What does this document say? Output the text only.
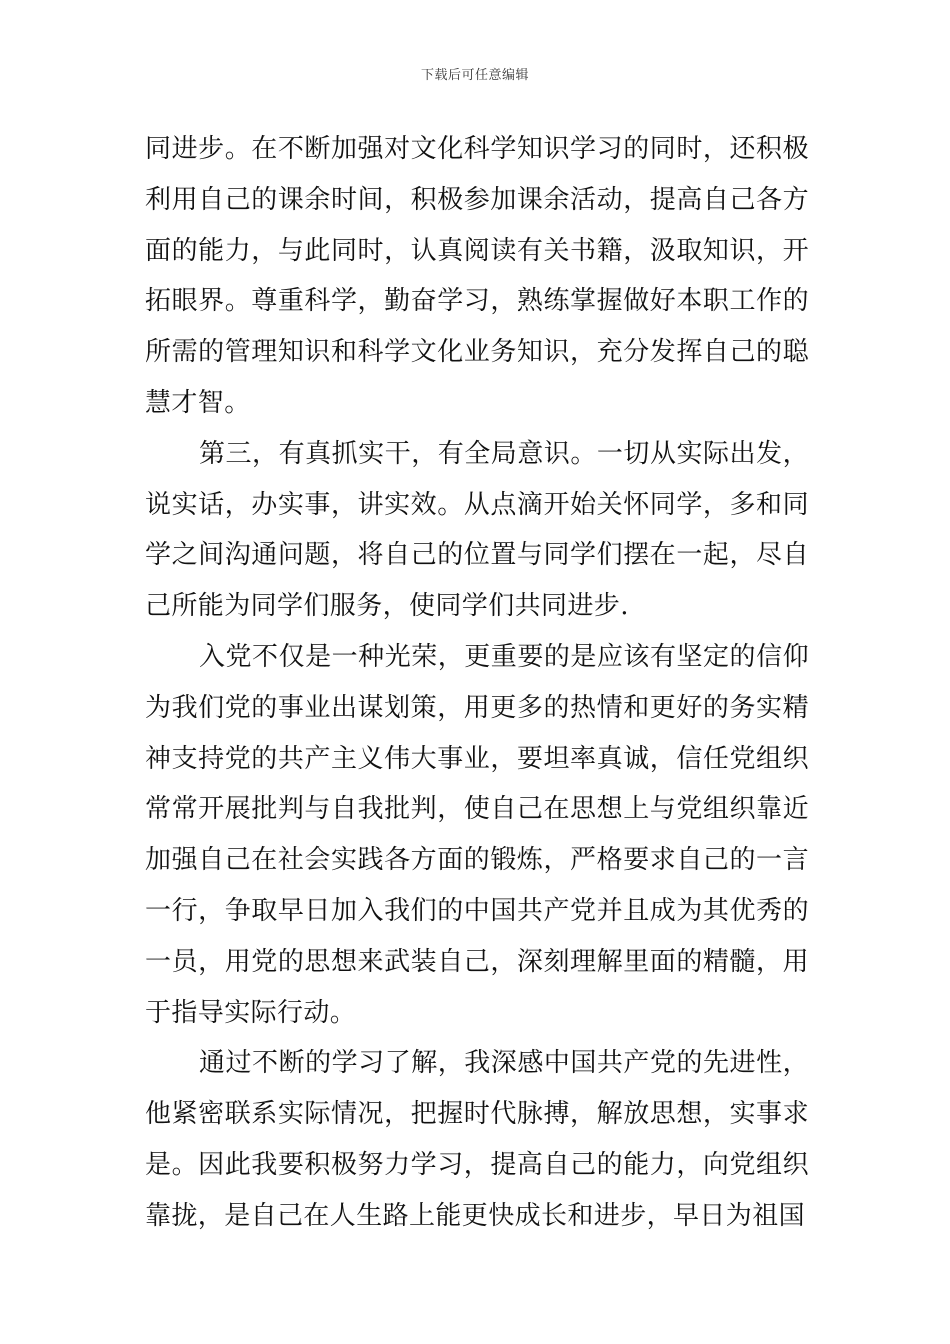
下载后可任意编辑

同进步。在不断加强对文化科学知识学习的同时，还积极利用自己的课余时间，积极参加课余活动，提高自己各方面的能力，与此同时，认真阅读有关书籍，汲取知识，开拓眼界。尊重科学，勤奋学习，熟练掌握做好本职工作的所需的管理知识和科学文化业务知识，充分发挥自己的聪慧才智。

第三，有真抓实干，有全局意识。一切从实际出发，说实话，办实事，讲实效。从点滴开始关怀同学，多和同学之间沟通问题，将自己的位置与同学们摆在一起，尽自己所能为同学们服务，使同学们共同进步.

入党不仅是一种光荣，更重要的是应该有坚定的信仰为我们党的事业出谋划策，用更多的热情和更好的务实精神支持党的共产主义伟大事业，要坦率真诚，信任党组织常常开展批判与自我批判，使自己在思想上与党组织靠近加强自己在社会实践各方面的锻炼，严格要求自己的一言一行，争取早日加入我们的中国共产党并且成为其优秀的一员，用党的思想来武装自己，深刻理解里面的精髓，用于指导实际行动。

通过不断的学习了解，我深感中国共产党的先进性，他紧密联系实际情况，把握时代脉搏，解放思想，实事求是。因此我要积极努力学习，提高自己的能力，向党组织靠拢，是自己在人生路上能更快成长和进步，早日为祖国
